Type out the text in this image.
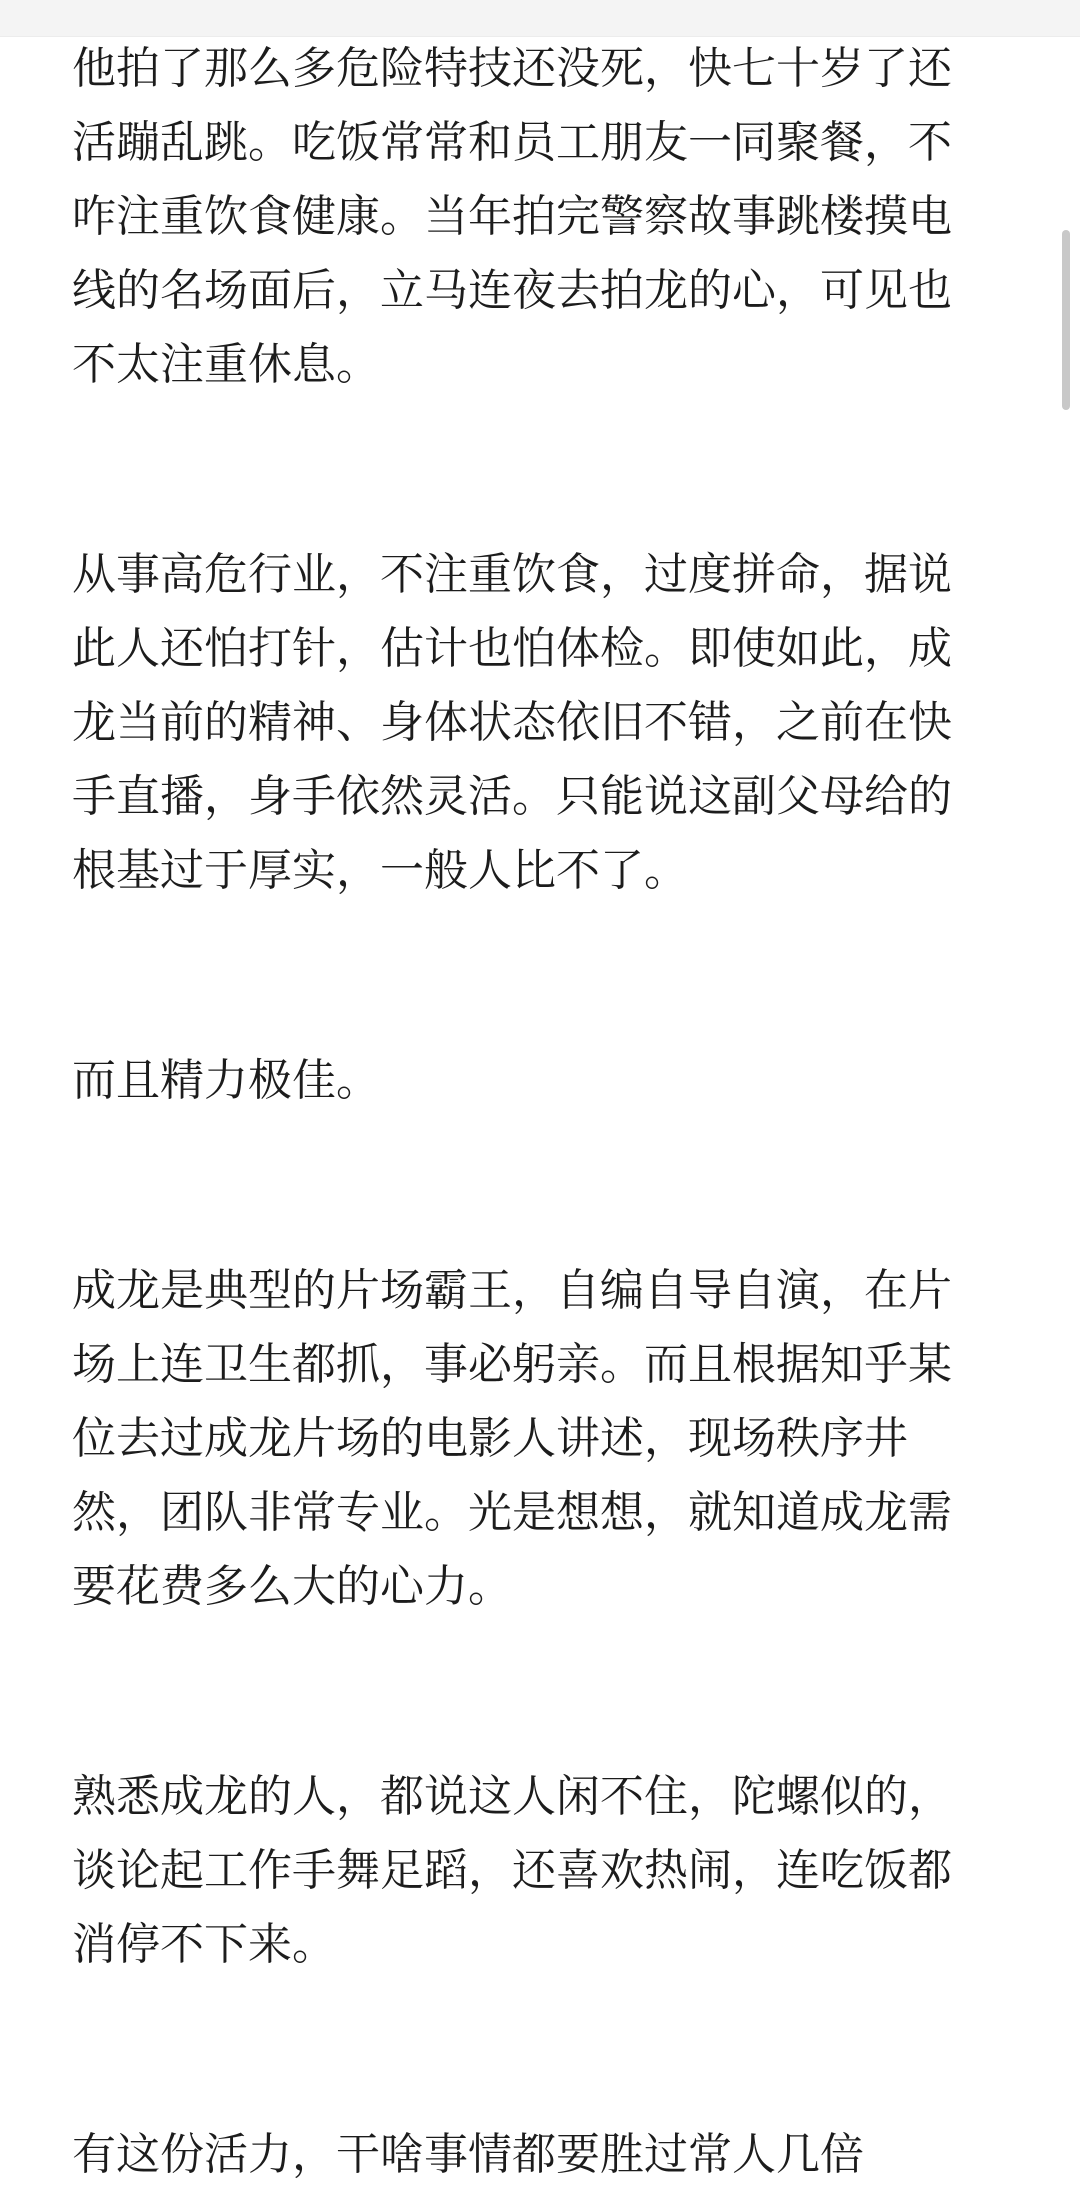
他拍了那么多危险特技还没死，快七十岁了还
活蹦乱跳。吃饭常常和员工朋友一同聚餐，不
咋注重饮食健康。当年拍完警察故事跳楼摸电
线的名场面后，立马连夜去拍龙的心，可见也
不太注重休息。
从事高危行业，不注重饮食，过度拼命，据说
此人还怕打针，估计也怕体检。即使如此，成
龙当前的精神、身体状态依旧不错，之前在快
手直播，身手依然灵活。只能说这副父母给的
根基过于厚实，一般人比不了。
而且精力极佳。
成龙是典型的片场霸王，自编自导自演，在片
场上连卫生都抓，事必躬亲。而且根据知乎某
位去过成龙片场的电影人讲述，现场秩序井
然，团队非常专业。光是想想，就知道成龙需
要花费多么大的心力。
熟悉成龙的人，都说这人闲不住，陀螺似的，
谈论起工作手舞足蹈，还喜欢热闹，连吃饭都
消停不下来。
有这份活力，干啥事情都要胜过常人几倍
